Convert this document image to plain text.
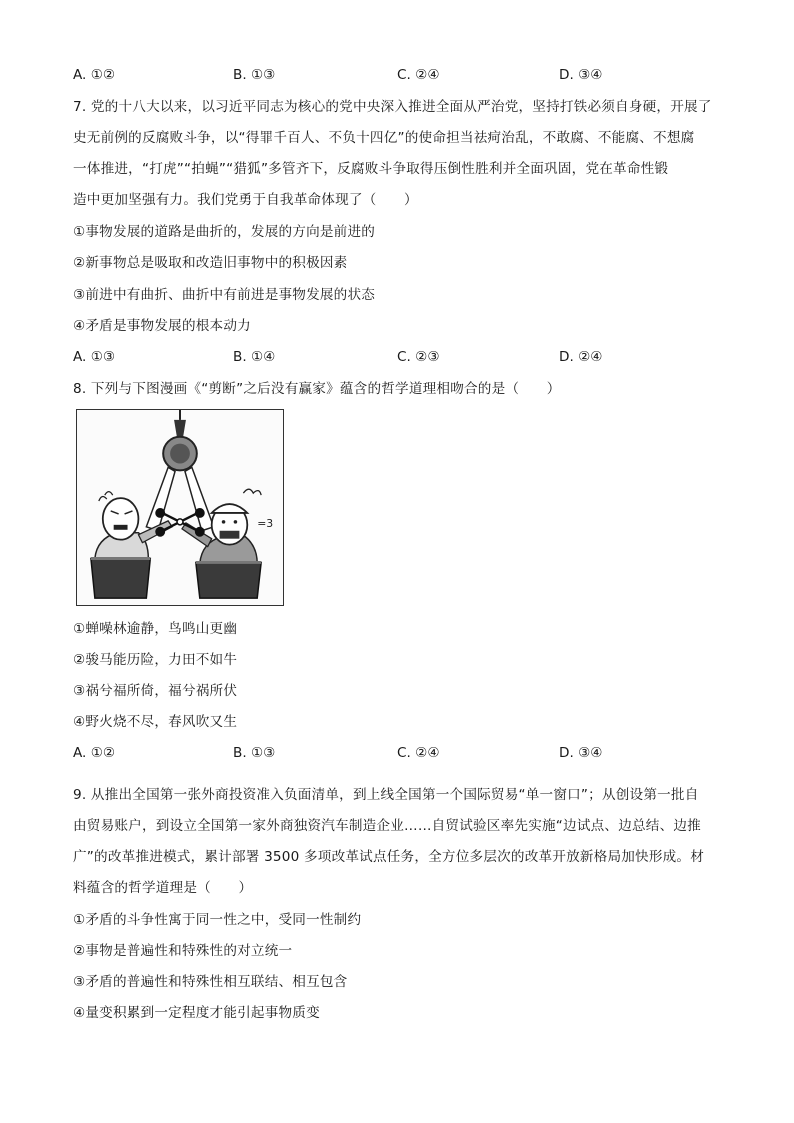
A. ①②	B. ①③	C. ②④	D. ③④
7. 党的十八大以来，以习近平同志为核心的党中央深入推进全面从严治党，坚持打铁必须自身硬，开展了
史无前例的反腐败斗争，以“得罪千百人、不负十四亿”的使命担当祛疴治乱，不敢腐、不能腐、不想腐
一体推进，“打虎”“拍蝇”“猎狐”多管齐下，反腐败斗争取得压倒性胜利并全面巩固，党在革命性锻
造中更加坚强有力。我们党勇于自我革命体现了（　　）
①事物发展的道路是曲折的，发展的方向是前进的
②新事物总是吸取和改造旧事物中的积极因素
③前进中有曲折、曲折中有前进是事物发展的状态
④矛盾是事物发展的根本动力
A. ①③	B. ①④	C. ②③	D. ②④
8. 下列与下图漫画《“剪断”之后没有赢家》蕴含的哲学道理相吻合的是（　　）
=3
①蝉噪林逾静，鸟鸣山更幽
②骏马能历险，力田不如牛
③祸兮福所倚，福兮祸所伏
④野火烧不尽，春风吹又生
A. ①②	B. ①③	C. ②④	D. ③④
9. 从推出全国第一张外商投资准入负面清单，到上线全国第一个国际贸易“单一窗口”；从创设第一批自
由贸易账户，到设立全国第一家外商独资汽车制造企业……自贸试验区率先实施“边试点、边总结、边推
广”的改革推进模式，累计部署 3500 多项改革试点任务，全方位多层次的改革开放新格局加快形成。材
料蕴含的哲学道理是（　　）
①矛盾的斗争性寓于同一性之中，受同一性制约
②事物是普遍性和特殊性的对立统一
③矛盾的普遍性和特殊性相互联结、相互包含
④量变积累到一定程度才能引起事物质变
